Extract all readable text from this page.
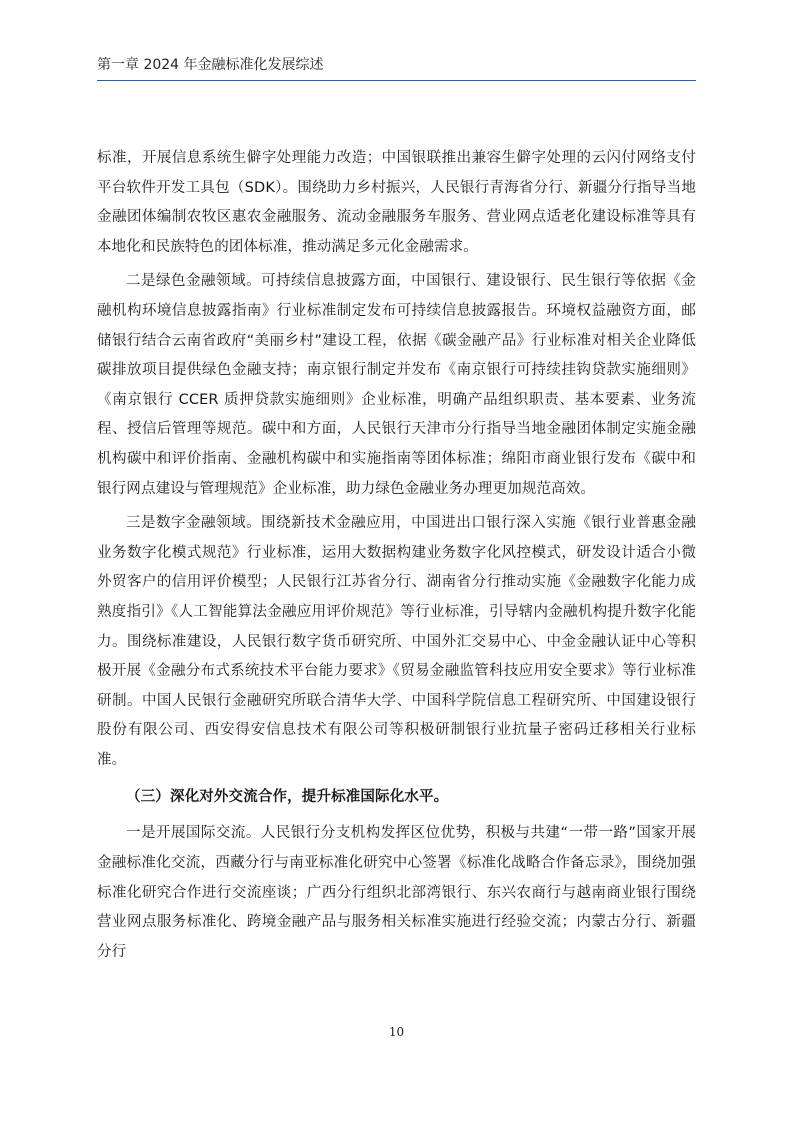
第一章 2024 年金融标准化发展综述

标准，开展信息系统生僻字处理能力改造；中国银联推出兼容生僻字处理的云闪付网络支付平台软件开发工具包（SDK）。围绕助力乡村振兴，人民银行青海省分行、新疆分行指导当地金融团体编制农牧区惠农金融服务、流动金融服务车服务、营业网点适老化建设标准等具有本地化和民族特色的团体标准，推动满足多元化金融需求。

二是绿色金融领域。可持续信息披露方面，中国银行、建设银行、民生银行等依据《金融机构环境信息披露指南》行业标准制定发布可持续信息披露报告。环境权益融资方面，邮储银行结合云南省政府“美丽乡村”建设工程，依据《碳金融产品》行业标准对相关企业降低碳排放项目提供绿色金融支持；南京银行制定并发布《南京银行可持续挂钩贷款实施细则》《南京银行 CCER 质押贷款实施细则》企业标准，明确产品组织职责、基本要素、业务流程、授信后管理等规范。碳中和方面，人民银行天津市分行指导当地金融团体制定实施金融机构碳中和评价指南、金融机构碳中和实施指南等团体标准；绵阳市商业银行发布《碳中和银行网点建设与管理规范》企业标准，助力绿色金融业务办理更加规范高效。

三是数字金融领域。围绕新技术金融应用，中国进出口银行深入实施《银行业普惠金融业务数字化模式规范》行业标准，运用大数据构建业务数字化风控模式，研发设计适合小微外贸客户的信用评价模型；人民银行江苏省分行、湖南省分行推动实施《金融数字化能力成熟度指引》《人工智能算法金融应用评价规范》等行业标准，引导辖内金融机构提升数字化能力。围绕标准建设，人民银行数字货币研究所、中国外汇交易中心、中金金融认证中心等积极开展《金融分布式系统技术平台能力要求》《贸易金融监管科技应用安全要求》等行业标准研制。中国人民银行金融研究所联合清华大学、中国科学院信息工程研究所、中国建设银行股份有限公司、西安得安信息技术有限公司等积极研制银行业抗量子密码迁移相关行业标准。

（三）深化对外交流合作，提升标准国际化水平。

一是开展国际交流。人民银行分支机构发挥区位优势，积极与共建“一带一路”国家开展金融标准化交流，西藏分行与南亚标准化研究中心签署《标准化战略合作备忘录》，围绕加强标准化研究合作进行交流座谈；广西分行组织北部湾银行、东兴农商行与越南商业银行围绕营业网点服务标准化、跨境金融产品与服务相关标准实施进行经验交流；内蒙古分行、新疆分行

10
